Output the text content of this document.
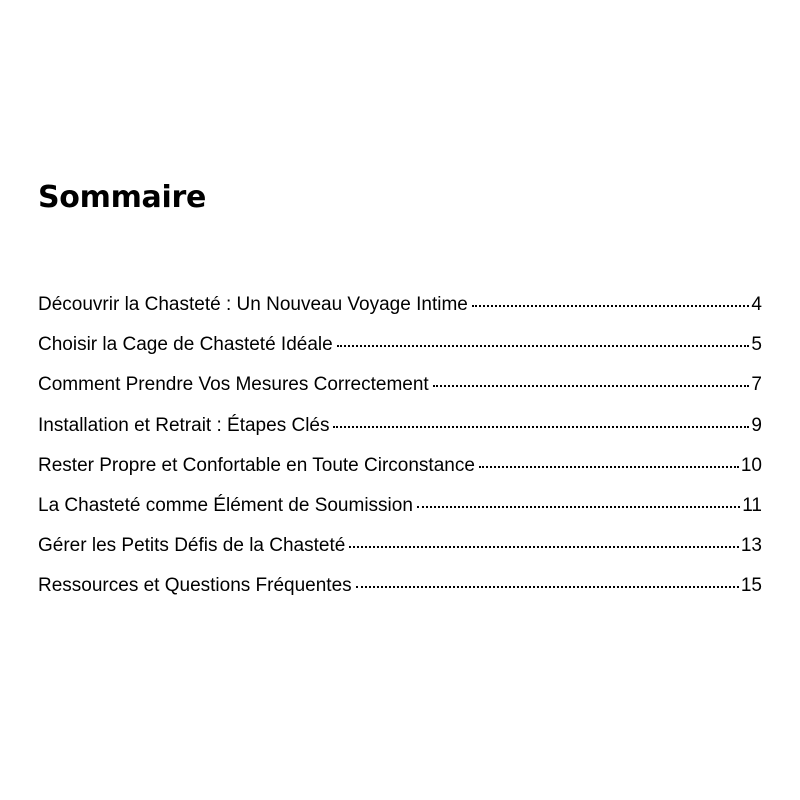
Sommaire
Découvrir la Chasteté : Un Nouveau Voyage Intime	4
Choisir la Cage de Chasteté Idéale	5
Comment Prendre Vos Mesures Correctement	7
Installation et Retrait : Étapes Clés	9
Rester Propre et Confortable en Toute Circonstance	10
La Chasteté comme Élément de Soumission	11
Gérer les Petits Défis de la Chasteté	13
Ressources et Questions Fréquentes	15
